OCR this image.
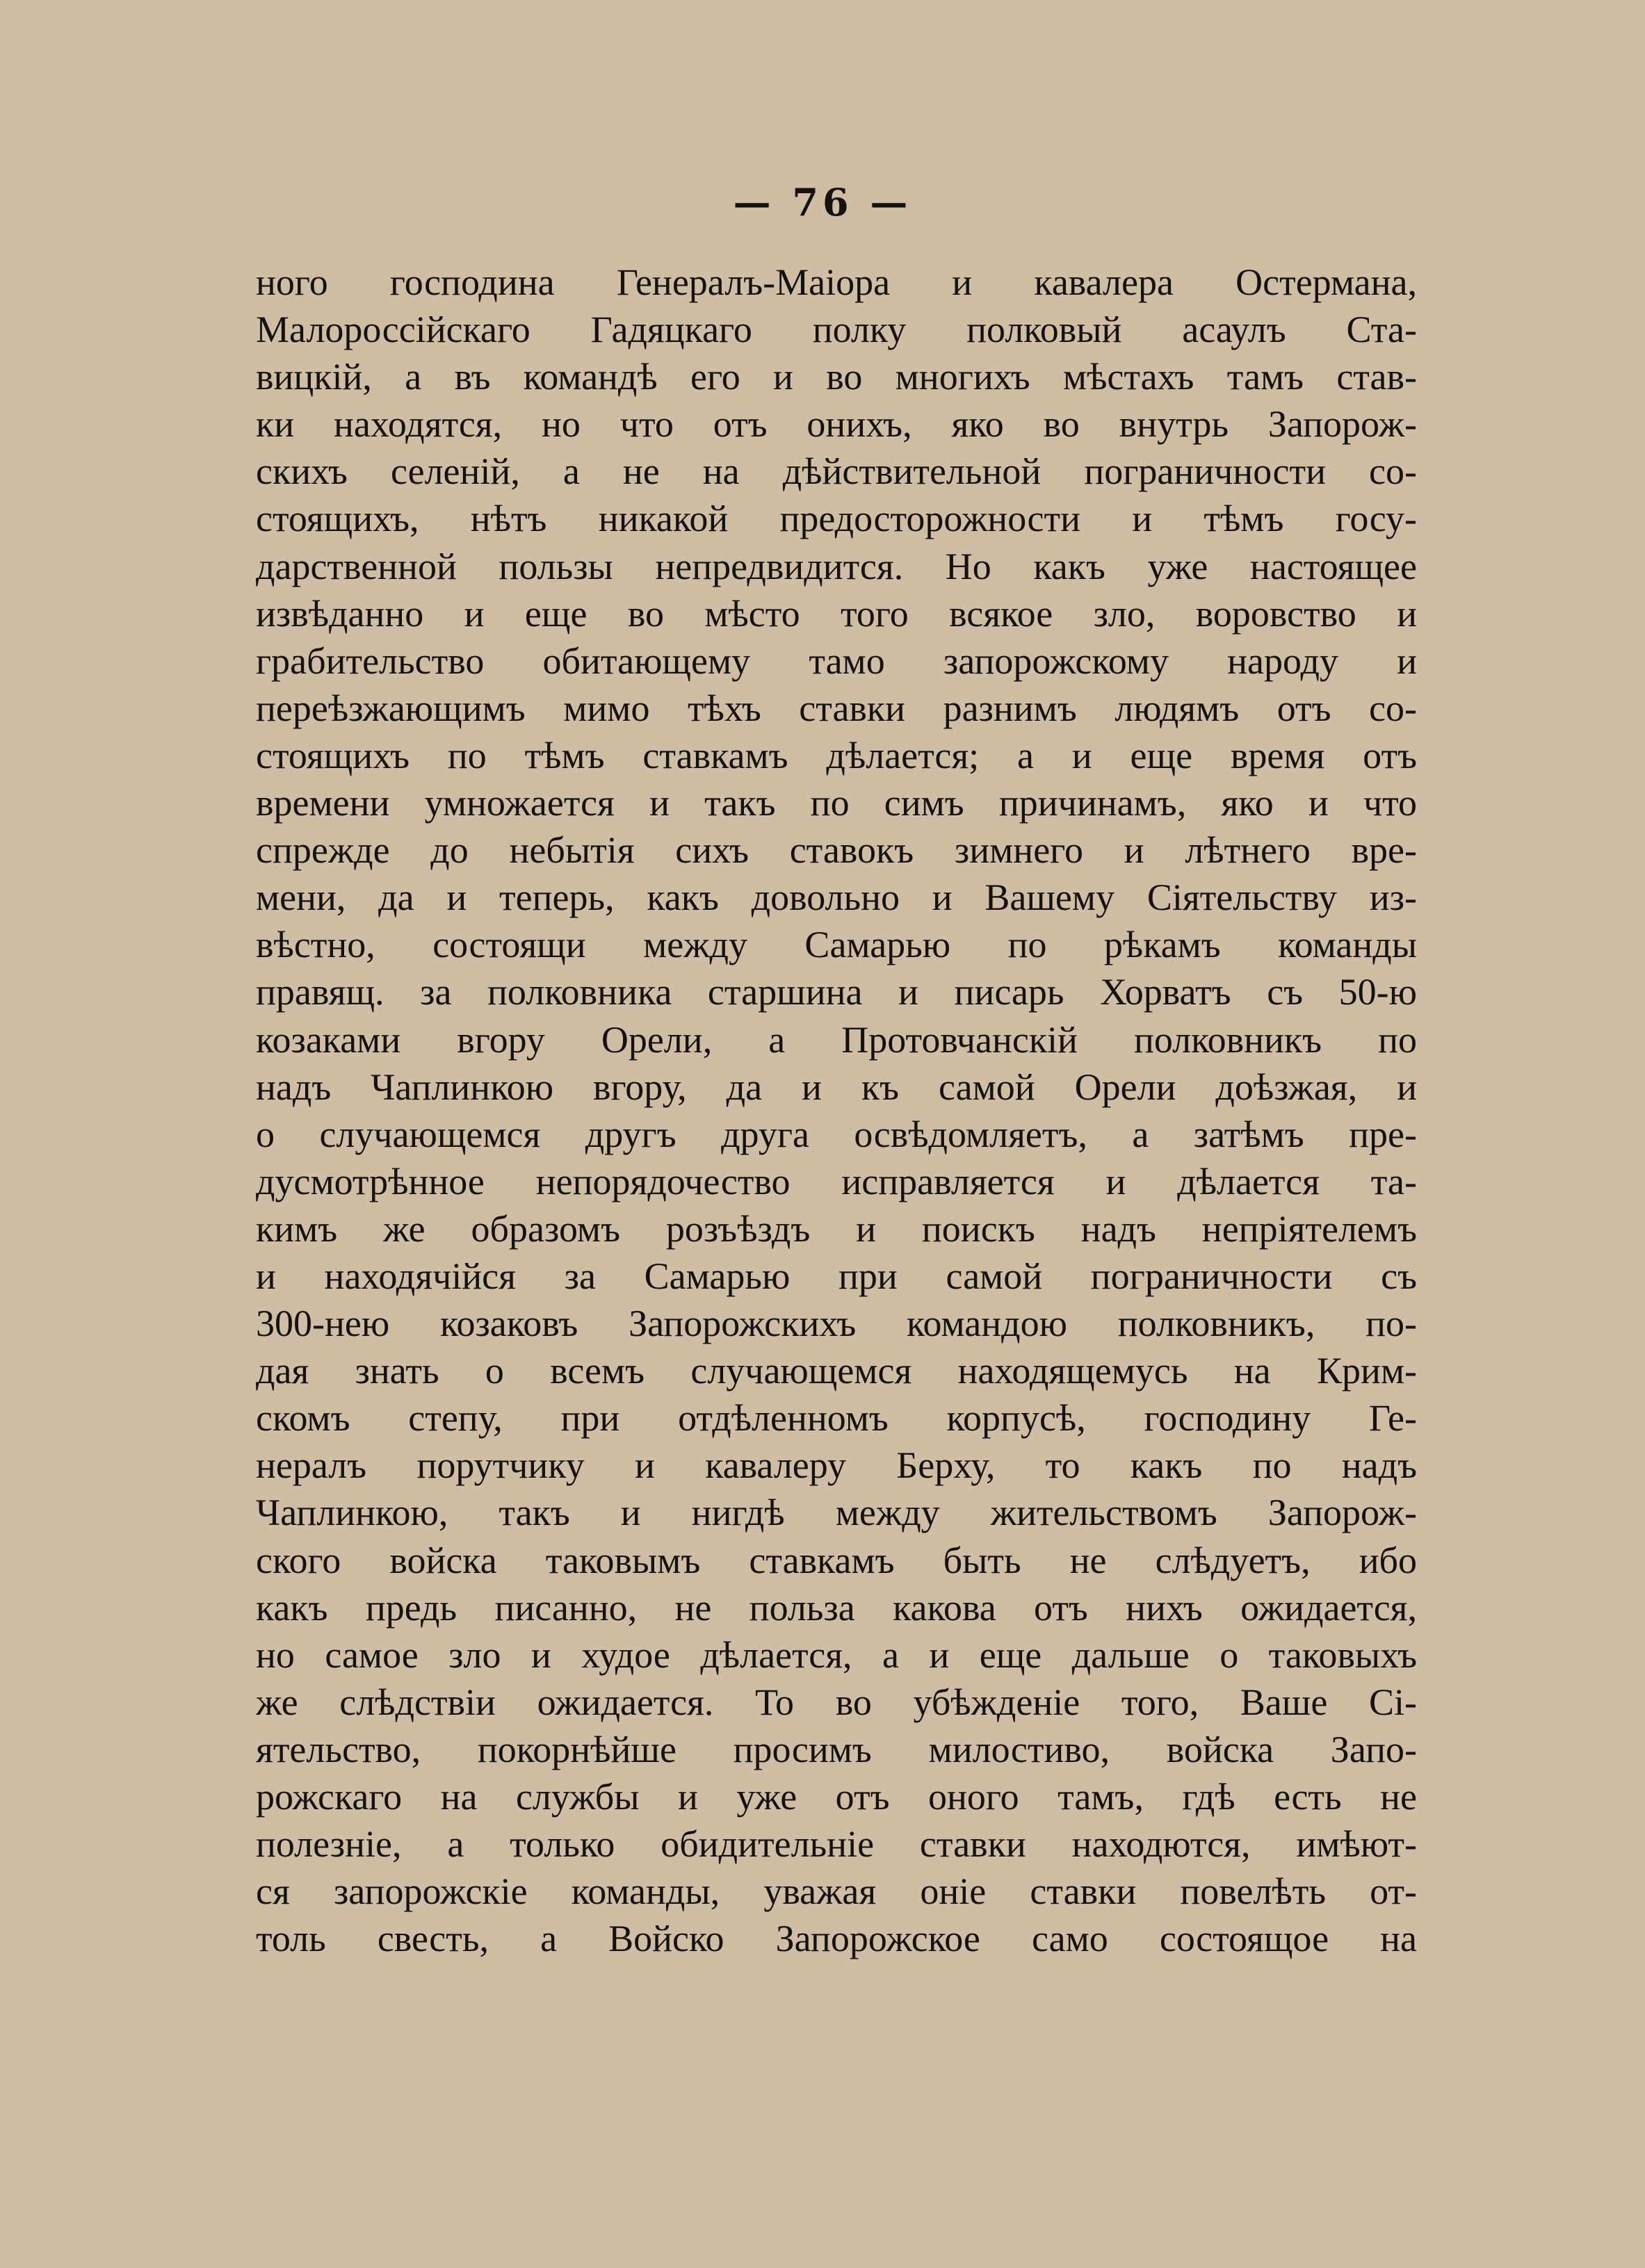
— 76 —
ного господина Генералъ-Маіора и кавалера Остермана,
Малороссійскаго Гадяцкаго полку полковый асаулъ Ста-
вицкій, а въ командѣ его и во многихъ мѣстахъ тамъ став-
ки находятся, но что отъ онихъ, яко во внутрь Запорож-
скихъ селеній, а не на дѣйствительной пограничности со-
стоящихъ, нѣтъ никакой предосторожности и тѣмъ госу-
дарственной пользы непредвидится. Но какъ уже настоящее
извѣданно и еще во мѣсто того всякое зло, воровство и
грабительство обитающему тамо запорожскому народу и
переѣзжающимъ мимо тѣхъ ставки разнимъ людямъ отъ со-
стоящихъ по тѣмъ ставкамъ дѣлается; а и еще время отъ
времени умножается и такъ по симъ причинамъ, яко и что
спрежде до небытія сихъ ставокъ зимнего и лѣтнего вре-
мени, да и теперь, какъ довольно и Вашему Сіятельству из-
вѣстно, состоящи между Самарью по рѣкамъ команды
правящ. за полковника старшина и писарь Хорватъ съ 50-ю
козаками вгору Орели, а Протовчанскій полковникъ по
надъ Чаплинкою вгору, да и къ самой Орели доѣзжая, и
о случающемся другъ друга освѣдомляетъ, а затѣмъ пре-
дусмотрѣнное непорядочество исправляется и дѣлается та-
кимъ же образомъ розъѣздъ и поискъ надъ непріятелемъ
и находячійся за Самарью при самой пограничности съ
300-нею козаковъ Запорожскихъ командою полковникъ, по-
дая знать о всемъ случающемся находящемусь на Крим-
скомъ степу, при отдѣленномъ корпусѣ, господину Ге-
нералъ порутчику и кавалеру Берху, то какъ по надъ
Чаплинкою, такъ и нигдѣ между жительствомъ Запорож-
ского войска таковымъ ставкамъ быть не слѣдуетъ, ибо
какъ предь писанно, не польза какова отъ нихъ ожидается,
но самое зло и худое дѣлается, а и еще дальше о таковыхъ
же слѣдствіи ожидается. То во убѣжденіе того, Ваше Сі-
ятельство, покорнѣйше просимъ милостиво, войска Запо-
рожскаго на службы и уже отъ оного тамъ, гдѣ есть не
полезніе, а только обидительніе ставки находются, имѣют-
ся запорожскіе команды, уважая оніе ставки повелѣть от-
толь свесть, а Войско Запорожское само состоящое на
